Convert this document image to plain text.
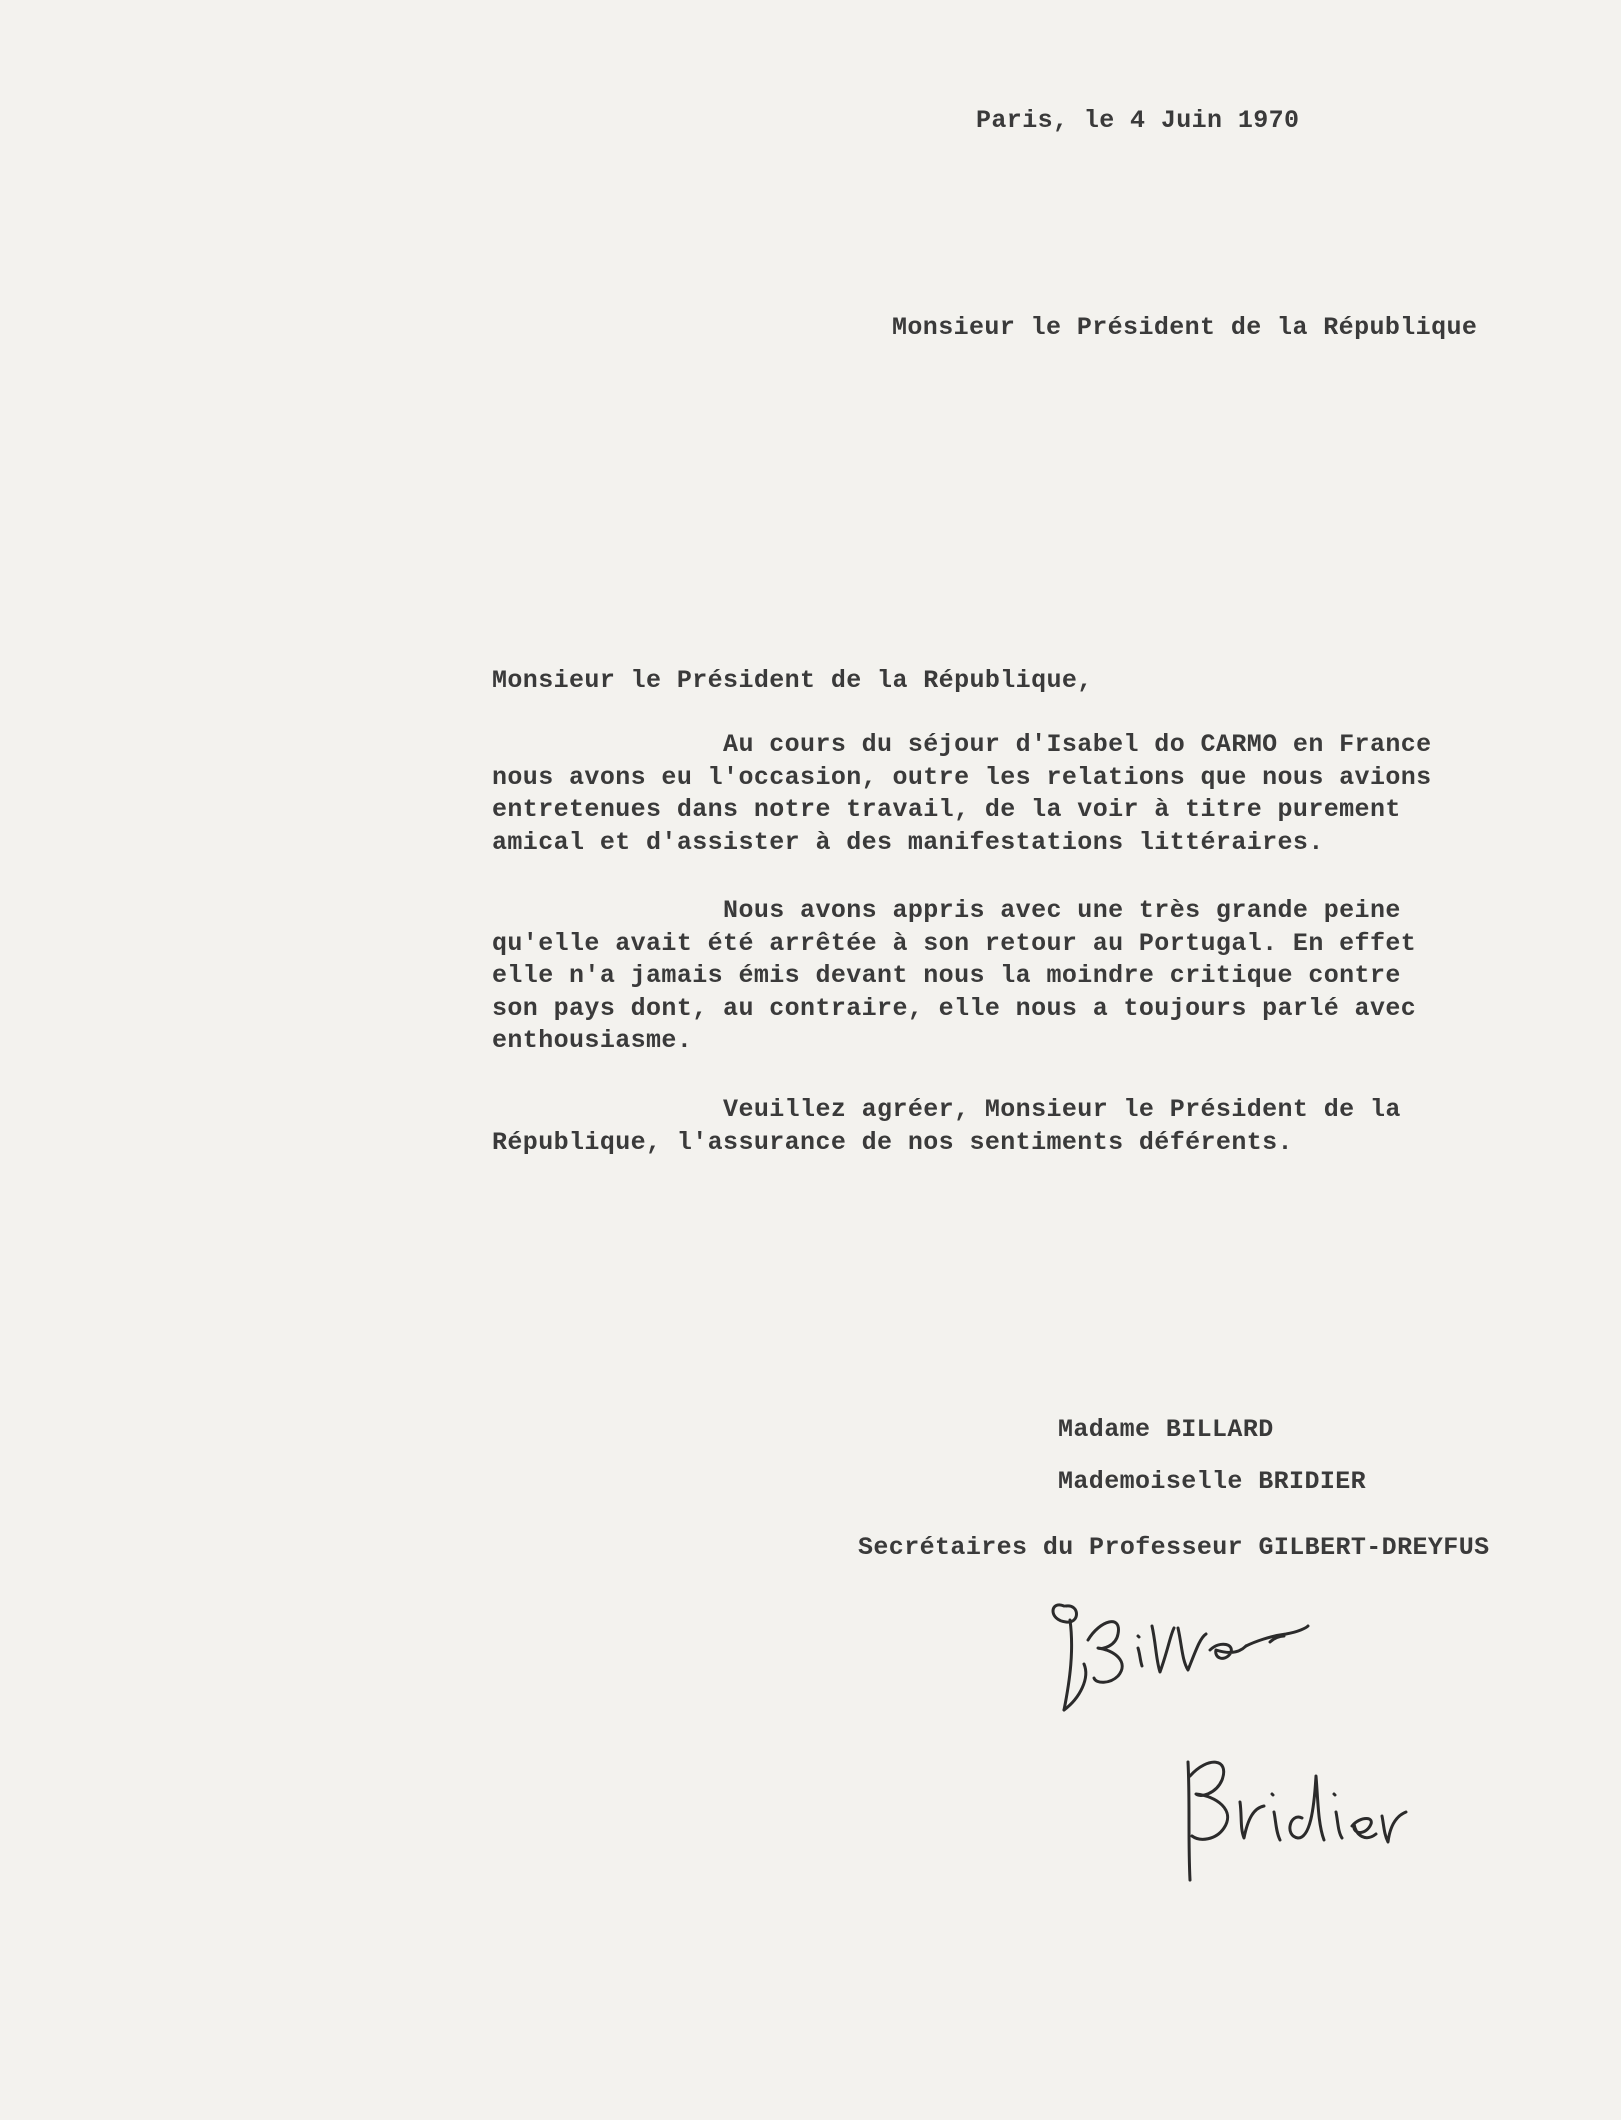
Paris, le 4 Juin 1970
Monsieur le Président de la République
Monsieur le Président de la République,
Au cours du séjour d'Isabel do CARMO en France
nous avons eu l'occasion, outre les relations que nous avions
entretenues dans notre travail, de la voir à titre purement
amical et d'assister à des manifestations littéraires.
Nous avons appris avec une très grande peine
qu'elle avait été arrêtée à son retour au Portugal. En effet
elle n'a jamais émis devant nous la moindre critique contre
son pays dont, au contraire, elle nous a toujours parlé avec
enthousiasme.
Veuillez agréer, Monsieur le Président de la
République, l'assurance de nos sentiments déférents.
Madame BILLARD
Mademoiselle BRIDIER
Secrétaires du Professeur GILBERT-DREYFUS
